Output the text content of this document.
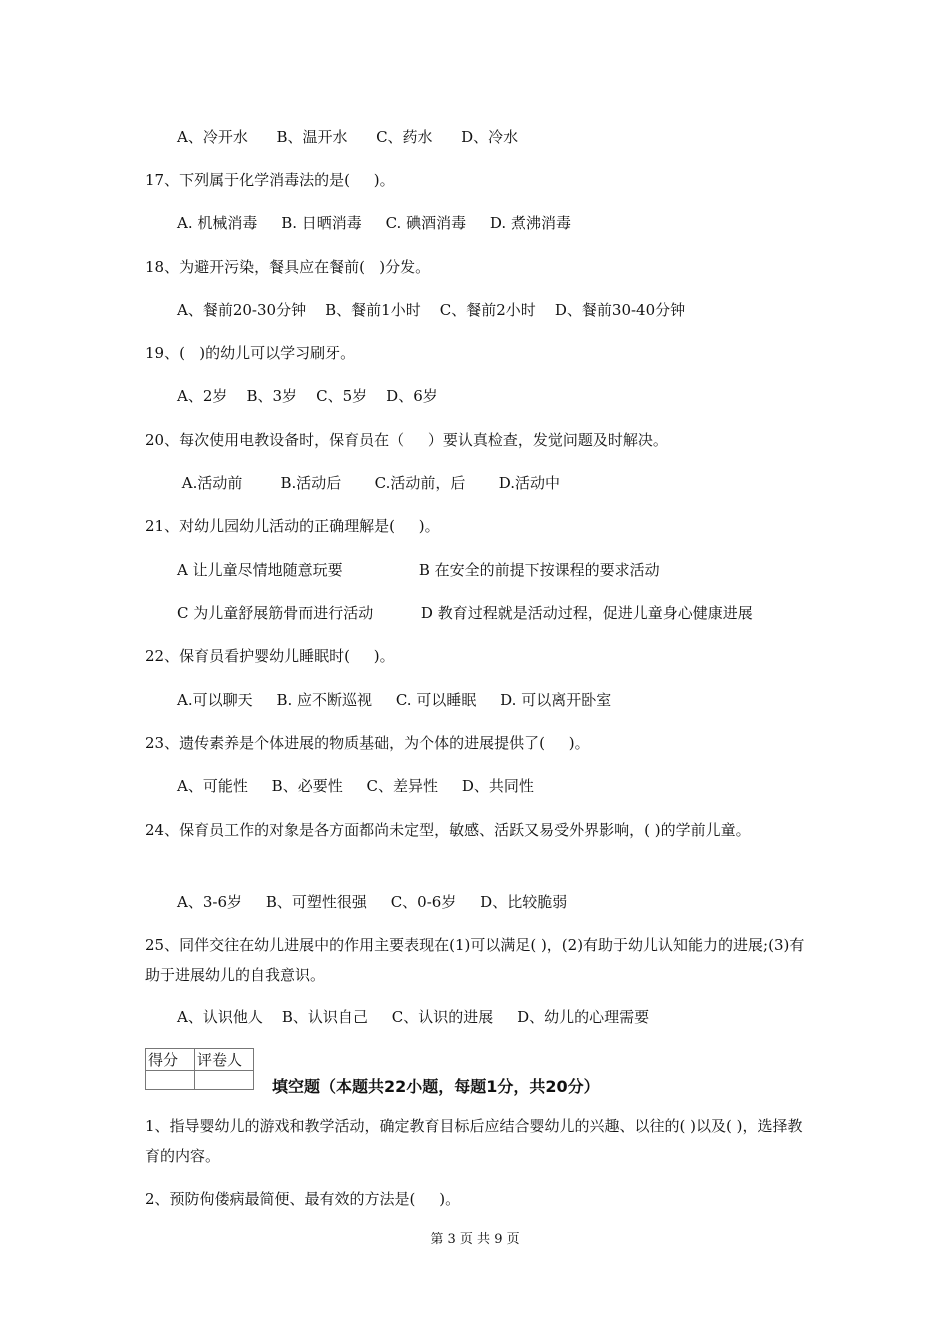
A、冷开水      B、温开水      C、药水      D、冷水
17、下列属于化学消毒法的是(     )。
A. 机械消毒     B. 日晒消毒     C. 碘酒消毒     D. 煮沸消毒
18、为避开污染，餐具应在餐前(   )分发。
A、餐前20-30分钟    B、餐前1小时    C、餐前2小时    D、餐前30-40分钟
19、(   )的幼儿可以学习刷牙。
A、2岁    B、3岁    C、5岁    D、6岁
20、每次使用电教设备时，保育员在（     ）要认真检查，发觉问题及时解决。
A.活动前        B.活动后       C.活动前，后       D.活动中
21、对幼儿园幼儿活动的正确理解是(     )。
A 让儿童尽情地随意玩要                B 在安全的前提下按课程的要求活动
C 为儿童舒展筋骨而进行活动          D 教育过程就是活动过程，促进儿童身心健康进展
22、保育员看护婴幼儿睡眠时(     )。
A.可以聊天     B. 应不断巡视     C. 可以睡眠     D. 可以离开卧室
23、遗传素养是个体进展的物质基础，为个体的进展提供了(     )。
A、可能性     B、必要性     C、差异性     D、共同性
24、保育员工作的对象是各方面都尚未定型，敏感、活跃又易受外界影响，( )的学前儿童。
A、3-6岁     B、可塑性很强     C、0-6岁     D、比较脆弱
25、同伴交往在幼儿进展中的作用主要表现在(1)可以满足( )，(2)有助于幼儿认知能力的进展;(3)有助于进展幼儿的自我意识。
A、认识他人    B、认识自己     C、认识的进展     D、幼儿的心理需要
得分	评卷人

填空题（本题共22小题，每题1分，共20分）
1、指导婴幼儿的游戏和教学活动，确定教育目标后应结合婴幼儿的兴趣、以往的( )以及( )，选择教育的内容。
2、预防佝偻病最简便、最有效的方法是(     )。
第 3 页 共 9 页
